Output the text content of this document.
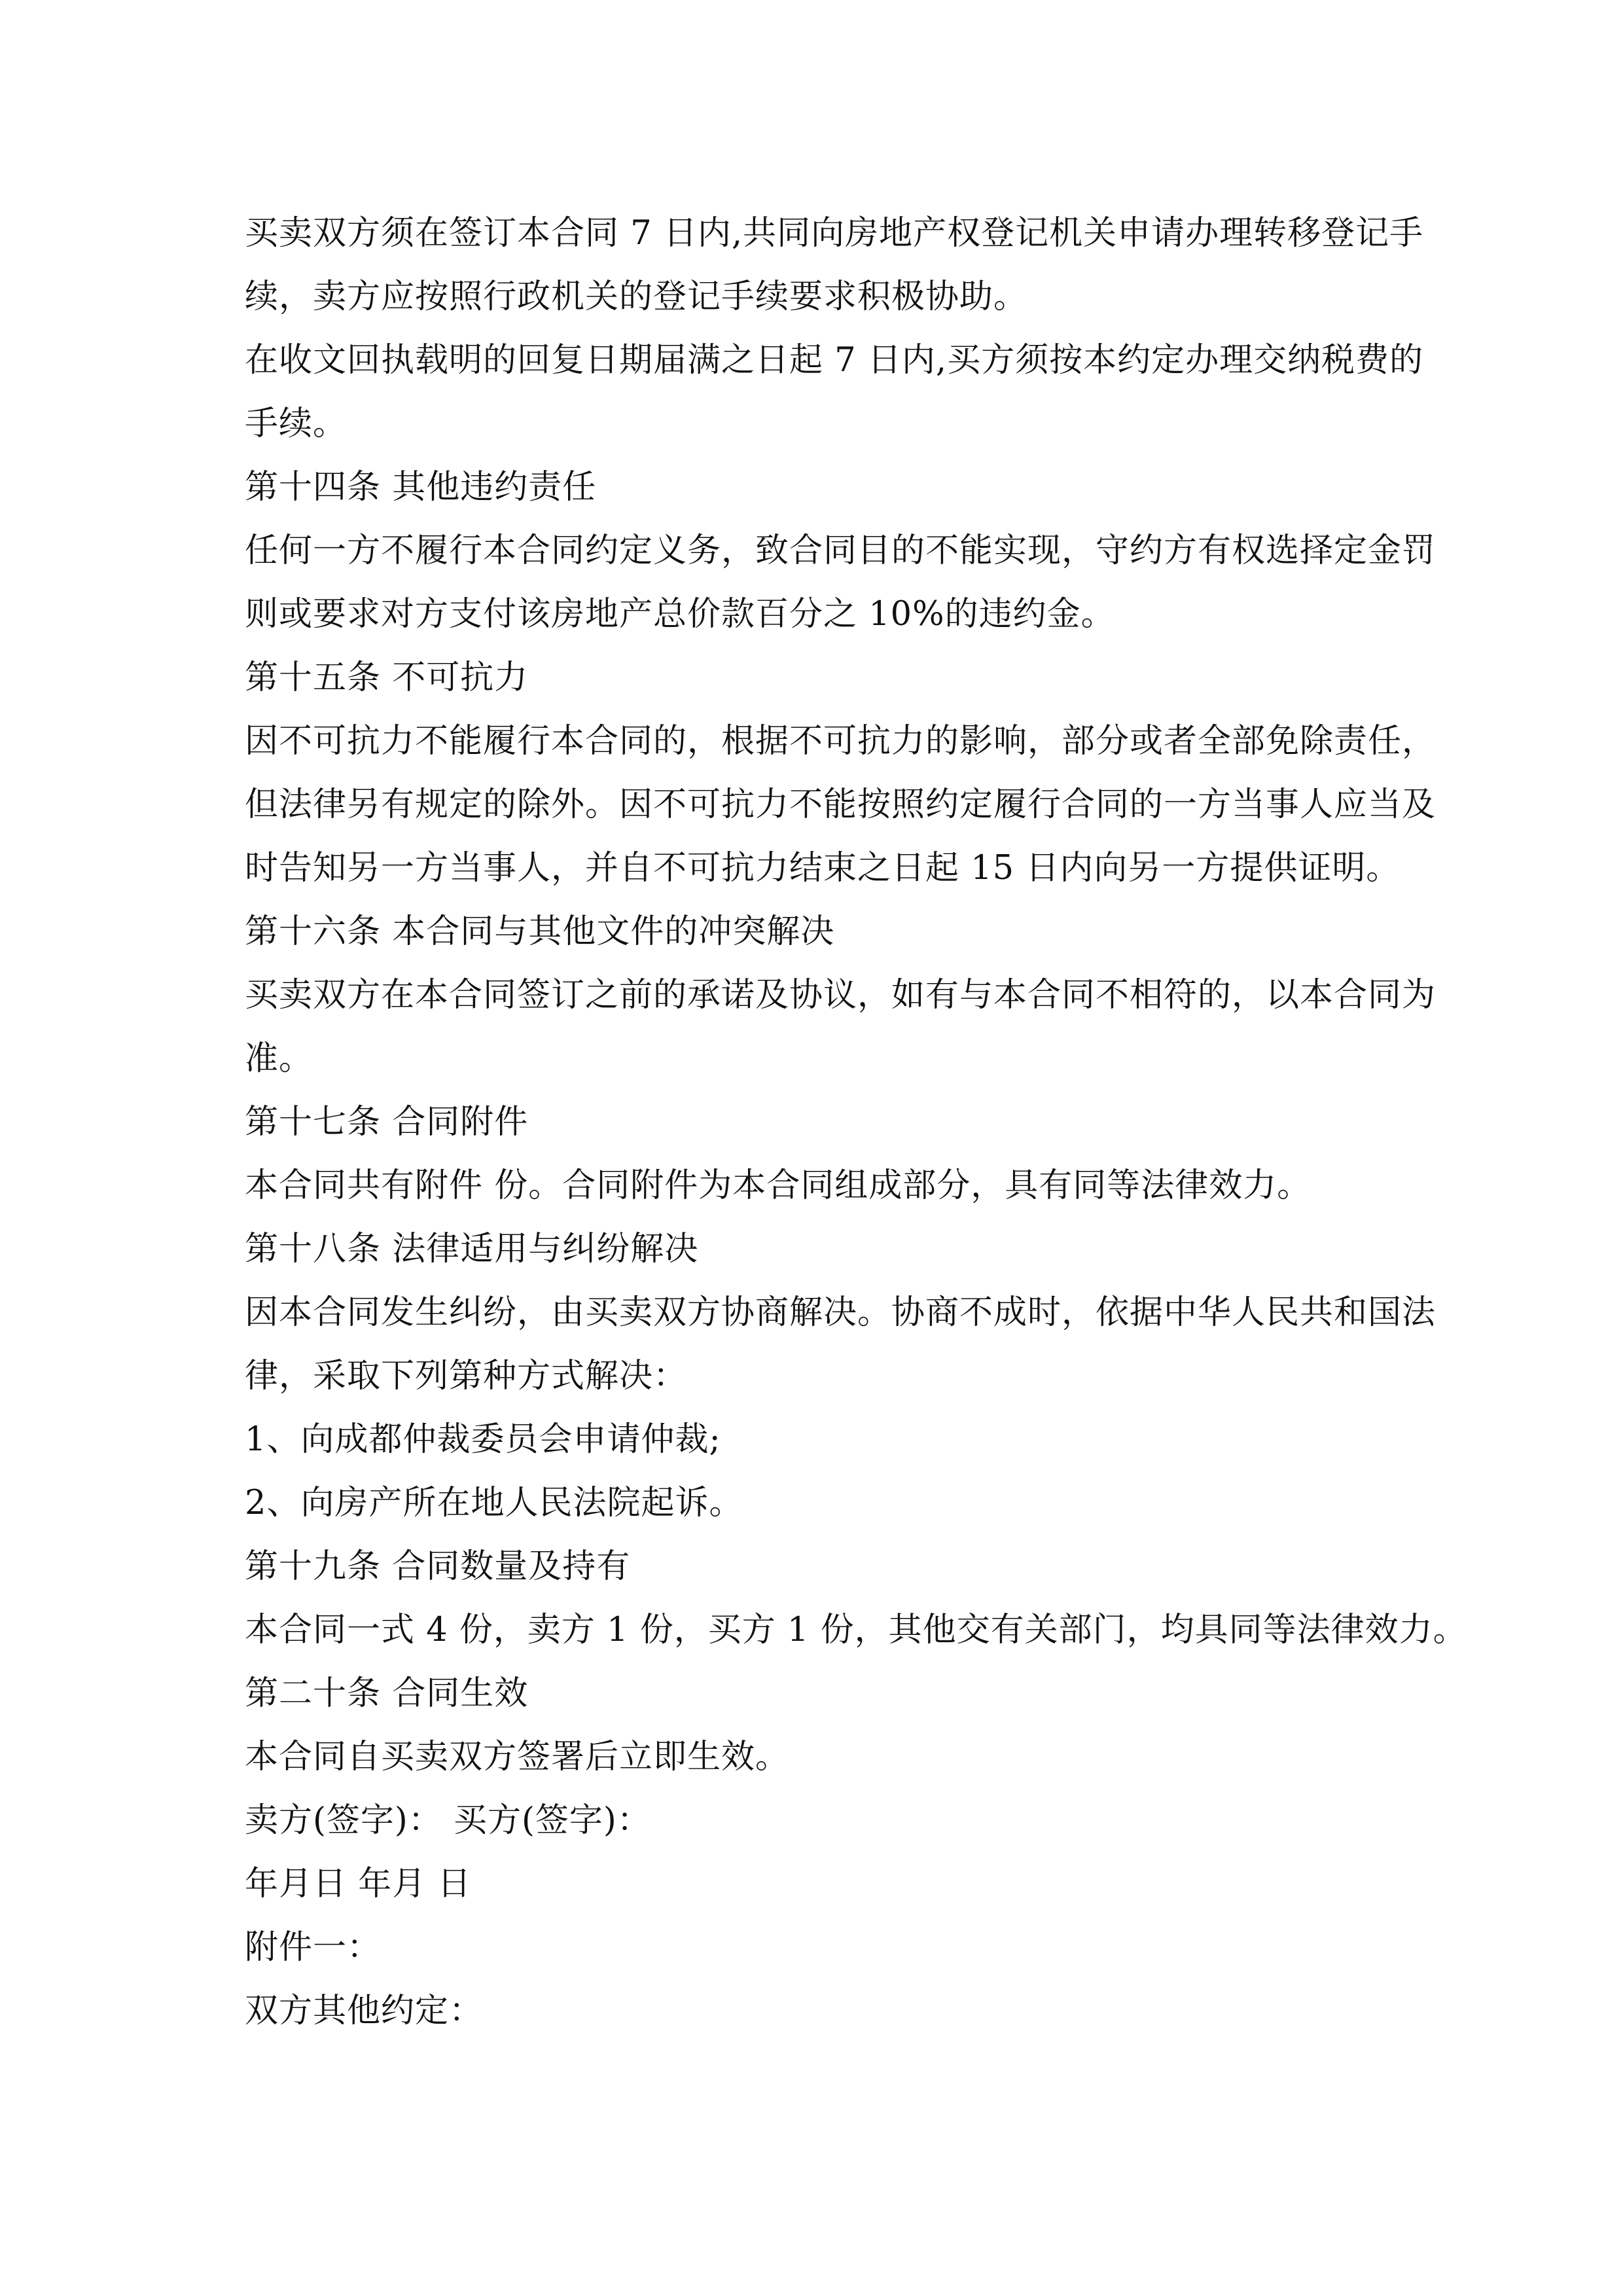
买卖双方须在签订本合同 7 日内,共同向房地产权登记机关申请办理转移登记手
续，卖方应按照行政机关的登记手续要求积极协助。
在收文回执载明的回复日期届满之日起 7 日内,买方须按本约定办理交纳税费的
手续。
第十四条 其他违约责任
任何一方不履行本合同约定义务，致合同目的不能实现，守约方有权选择定金罚
则或要求对方支付该房地产总价款百分之 10%的违约金。
第十五条 不可抗力
因不可抗力不能履行本合同的，根据不可抗力的影响，部分或者全部免除责任，
但法律另有规定的除外。因不可抗力不能按照约定履行合同的一方当事人应当及
时告知另一方当事人，并自不可抗力结束之日起 15 日内向另一方提供证明。
第十六条 本合同与其他文件的冲突解决
买卖双方在本合同签订之前的承诺及协议，如有与本合同不相符的，以本合同为
准。
第十七条 合同附件
本合同共有附件 份。合同附件为本合同组成部分，具有同等法律效力。
第十八条 法律适用与纠纷解决
因本合同发生纠纷，由买卖双方协商解决。协商不成时，依据中华人民共和国法
律，采取下列第种方式解决：
1、向成都仲裁委员会申请仲裁;
2、向房产所在地人民法院起诉。
第十九条 合同数量及持有
本合同一式 4 份，卖方 1 份，买方 1 份，其他交有关部门，均具同等法律效力。
第二十条 合同生效
本合同自买卖双方签署后立即生效。
卖方(签字)： 买方(签字)：
年月日 年月 日
附件一：
双方其他约定：
